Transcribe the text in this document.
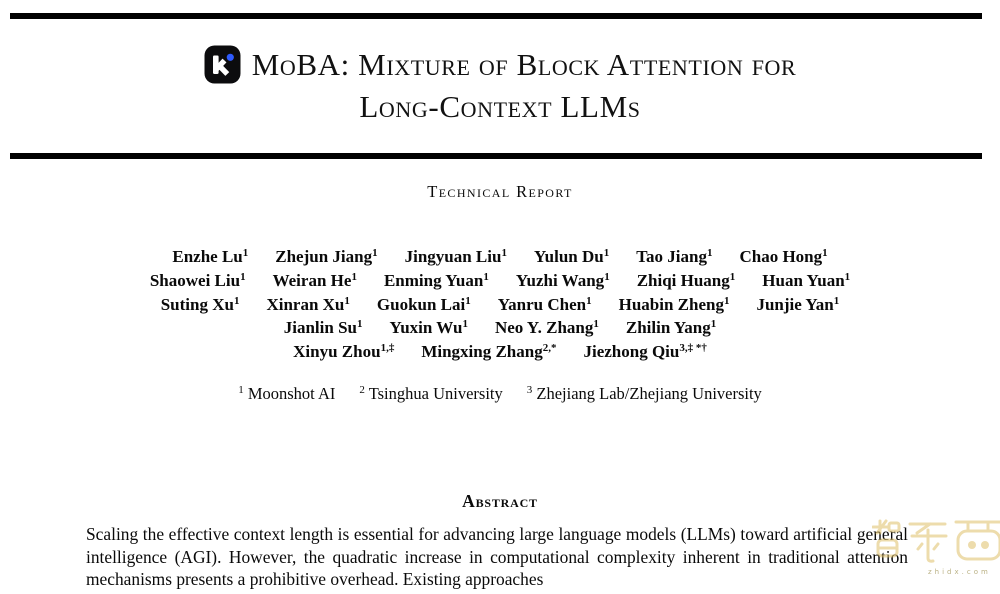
MoBA: Mixture of Block Attention for
Long-Context LLMs
Technical Report
Enzhe Lu$^1$ Zhejun Jiang$^1$ Jingyuan Liu$^1$ Yulun Du$^1$ Tao Jiang$^1$ Chao Hong$^1$
Shaowei Liu$^1$ Weiran He$^1$ Enming Yuan$^1$ Yuzhi Wang$^1$ Zhiqi Huang$^1$ Huan Yuan$^1$
Suting Xu$^1$ Xinran Xu$^1$ Guokun Lai$^1$ Yanru Chen$^1$ Huabin Zheng$^1$ Junjie Yan$^1$
Jianlin Su$^1$ Yuxin Wu$^1$ Neo Y. Zhang$^1$ Zhilin Yang$^1$
Xinyu Zhou$^{1,\ddagger}$ Mingxing Zhang$^{2,*}$ Jiezhong Qiu$^{3,\ddagger *\dagger}$
$^1$ Moonshot AI $^2$ Tsinghua University $^3$ Zhejiang Lab/Zhejiang University
Abstract
Scaling the effective context length is essential for advancing large language models (LLMs) toward artificial general intelligence (AGI). However, the quadratic increase in computational complexity inherent in traditional attention mechanisms presents a prohibitive overhead. Existing approaches	zhidx.com
